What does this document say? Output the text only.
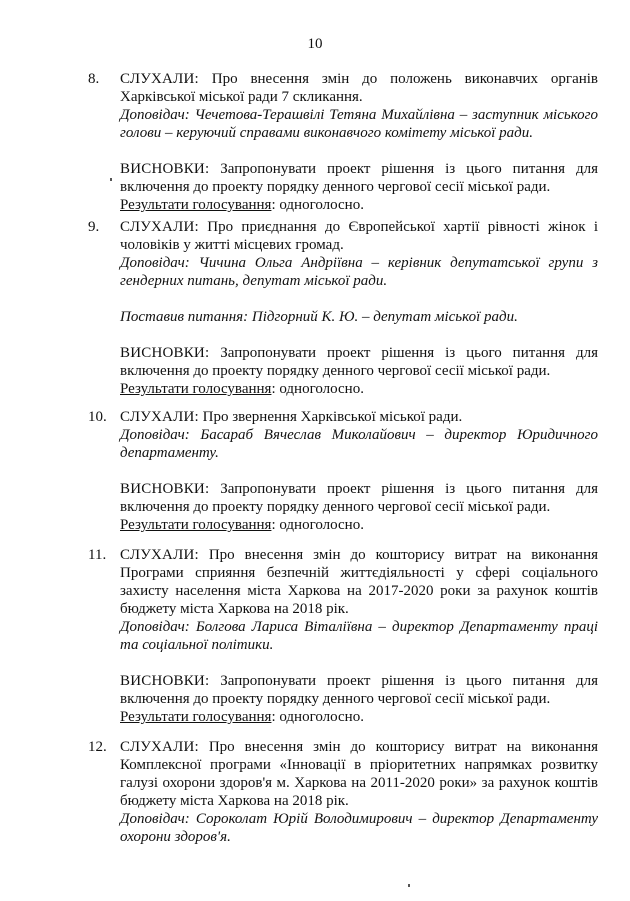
10
8. СЛУХАЛИ: Про внесення змін до положень виконавчих органів Харківської міської ради 7 скликання.

Доповідач: Чечетова-Терашвілі Тетяна Михайлівна – заступник міського голови – керуючий справами виконавчого комітету міської ради.

ВИСНОВКИ: Запропонувати проект рішення із цього питання для включення до проекту порядку денного чергової сесії міської ради.

Результати голосування: одноголосно.

9. СЛУХАЛИ: Про приєднання до Європейської хартії рівності жінок і чоловіків у житті місцевих громад.

Доповідач: Чичина Ольга Андріївна – керівник депутатської групи з гендерних питань, депутат міської ради.

Поставив питання: Підгорний К. Ю. – депутат міської ради.

ВИСНОВКИ: Запропонувати проект рішення із цього питання для включення до проекту порядку денного чергової сесії міської ради.

Результати голосування: одноголосно.

10. СЛУХАЛИ: Про звернення Харківської міської ради.

Доповідач: Басараб Вячеслав Миколайович – директор Юридичного департаменту.

ВИСНОВКИ: Запропонувати проект рішення із цього питання для включення до проекту порядку денного чергової сесії міської ради.

Результати голосування: одноголосно.

11. СЛУХАЛИ: Про внесення змін до кошторису витрат на виконання Програми сприяння безпечній життєдіяльності у сфері соціального захисту населення міста Харкова на 2017-2020 роки за рахунок коштів бюджету міста Харкова на 2018 рік.

Доповідач: Болгова Лариса Віталіївна – директор Департаменту праці та соціальної політики.

ВИСНОВКИ: Запропонувати проект рішення із цього питання для включення до проекту порядку денного чергової сесії міської ради.

Результати голосування: одноголосно.

12. СЛУХАЛИ: Про внесення змін до кошторису витрат на виконання Комплексної програми «Інновації в пріоритетних напрямках розвитку галузі охорони здоров'я м. Харкова на 2011-2020 роки» за рахунок коштів бюджету міста Харкова на 2018 рік.

Доповідач: Сороколат Юрій Володимирович – директор Департаменту охорони здоров'я.
